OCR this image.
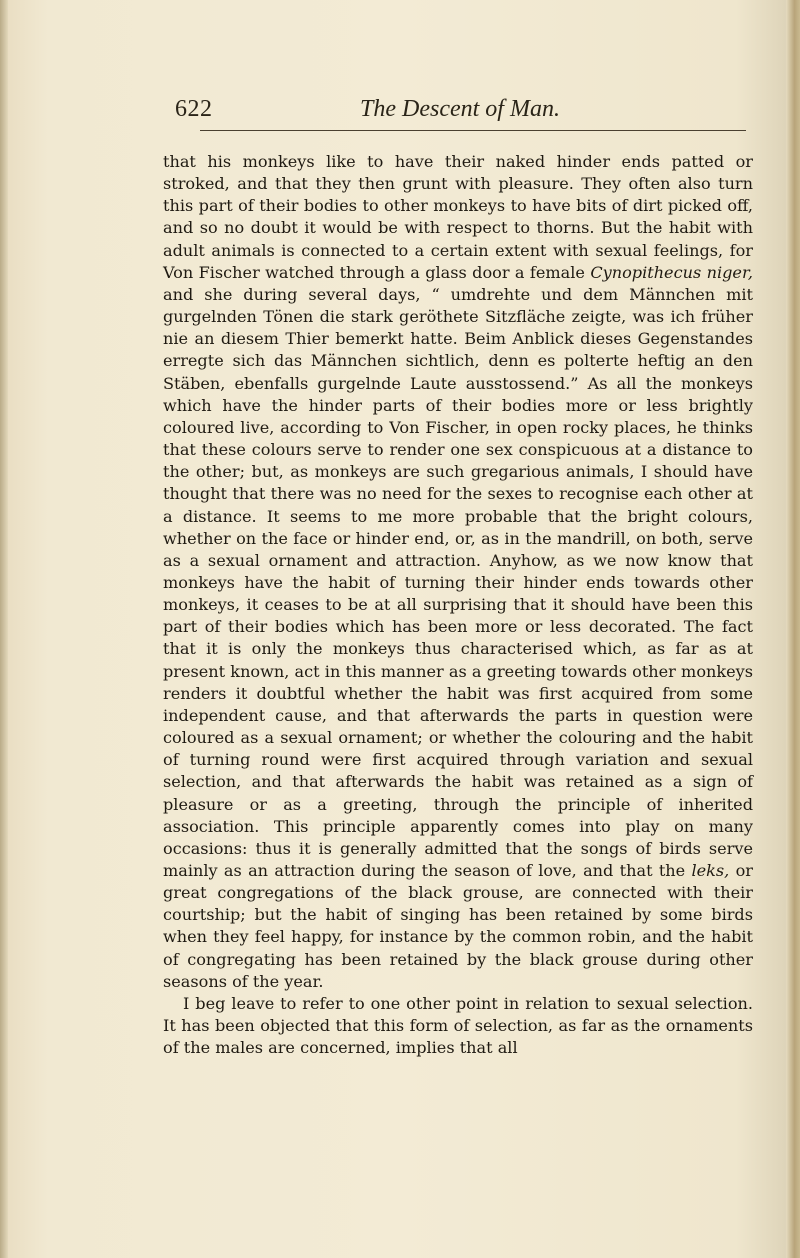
622	The Descent of Man.

that his monkeys like to have their naked hinder ends patted or stroked, and that they then grunt with pleasure. They often also turn this part of their bodies to other monkeys to have bits of dirt picked off, and so no doubt it would be with respect to thorns. But the habit with adult animals is connected to a certain extent with sexual feelings, for Von Fischer watched through a glass door a female Cynopithecus niger, and she during several days, “ umdrehte und dem Männchen mit gurgelnden Tönen die stark geröthete Sitzfläche zeigte, was ich früher nie an diesem Thier bemerkt hatte. Beim Anblick dieses Gegenstandes erregte sich das Männchen sichtlich, denn es polterte heftig an den Stäben, ebenfalls gurgelnde Laute ausstossend.” As all the monkeys which have the hinder parts of their bodies more or less brightly coloured live, according to Von Fischer, in open rocky places, he thinks that these colours serve to render one sex conspicuous at a distance to the other; but, as monkeys are such gregarious animals, I should have thought that there was no need for the sexes to recognise each other at a distance. It seems to me more probable that the bright colours, whether on the face or hinder end, or, as in the mandrill, on both, serve as a sexual ornament and attraction. Anyhow, as we now know that monkeys have the habit of turning their hinder ends towards other monkeys, it ceases to be at all surprising that it should have been this part of their bodies which has been more or less decorated. The fact that it is only the monkeys thus characterised which, as far as at present known, act in this manner as a greeting towards other monkeys renders it doubtful whether the habit was first acquired from some independent cause, and that afterwards the parts in question were coloured as a sexual ornament; or whether the colouring and the habit of turning round were first acquired through variation and sexual selection, and that afterwards the habit was retained as a sign of pleasure or as a greeting, through the principle of inherited association. This principle apparently comes into play on many occasions: thus it is generally admitted that the songs of birds serve mainly as an attraction during the season of love, and that the leks, or great congregations of the black grouse, are connected with their courtship; but the habit of singing has been retained by some birds when they feel happy, for instance by the common robin, and the habit of congregating has been retained by the black grouse during other seasons of the year.

I beg leave to refer to one other point in relation to sexual selection. It has been objected that this form of selection, as far as the ornaments of the males are concerned, implies that all
